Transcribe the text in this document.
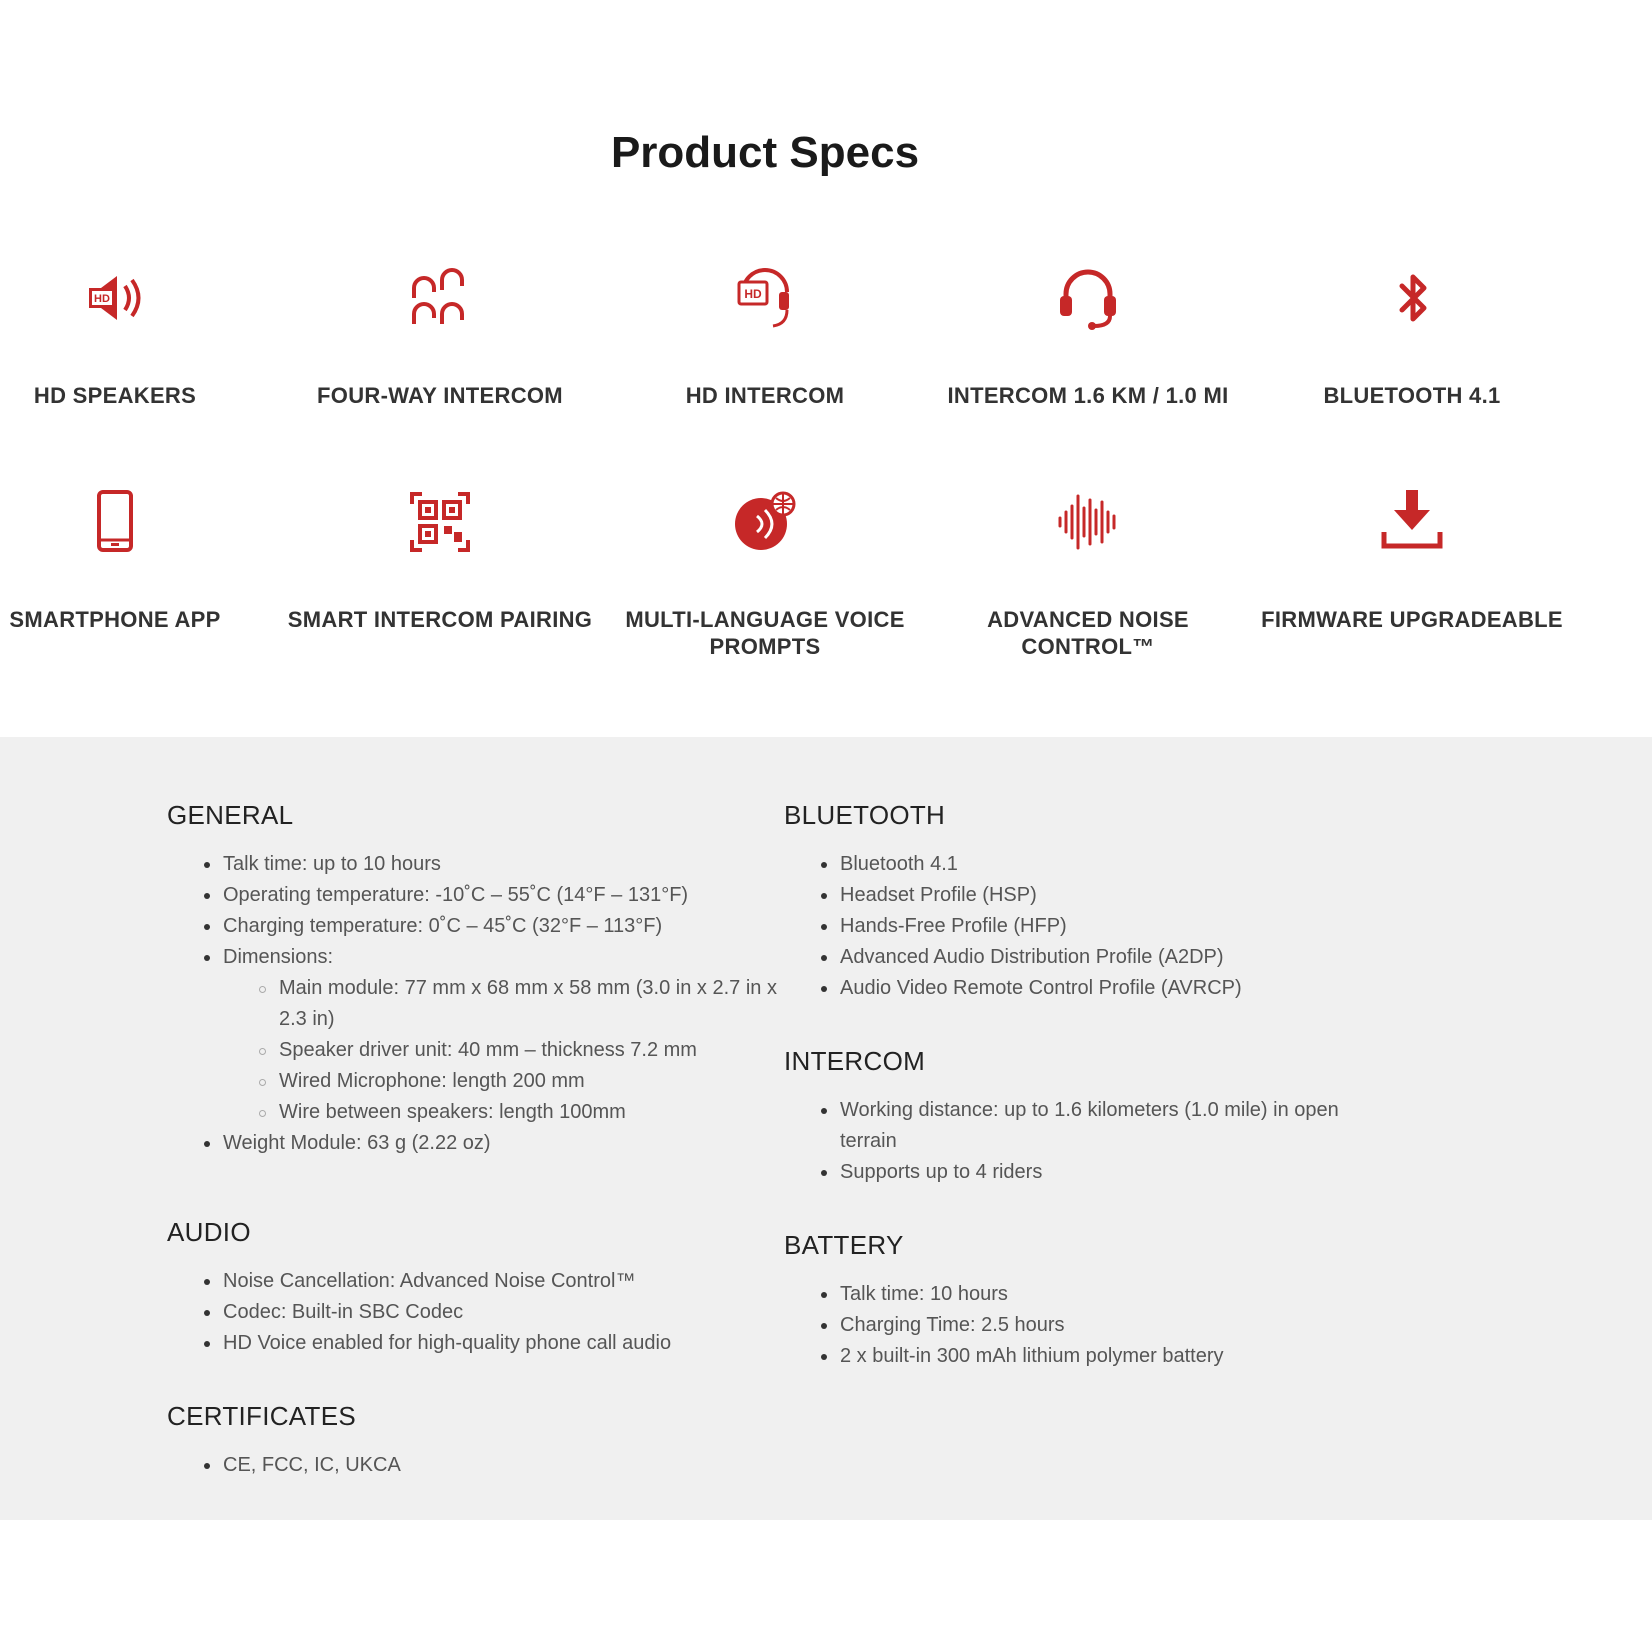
Product Specs
HD
HD SPEAKERS	FOUR-WAY INTERCOM
HD
HD INTERCOM	INTERCOM 1.6 KM / 1.0 MI	BLUETOOTH 4.1
SMARTPHONE APP	SMART INTERCOM PAIRING	MULTI-LANGUAGE VOICE PROMPTS
ADVANCED NOISE CONTROL™
FIRMWARE UPGRADEABLE
GENERAL
Talk time: up to 10 hours
Operating temperature: -10˚C – 55˚C (14°F – 131°F)
Charging temperature: 0˚C – 45˚C (32°F – 113°F)
Dimensions:
Main module: 77 mm x 68 mm x 58 mm (3.0 in x 2.7 in x 2.3 in)
Speaker driver unit: 40 mm – thickness 7.2 mm
Wired Microphone: length 200 mm
Wire between speakers: length 100mm
Weight Module: 63 g (2.22 oz)
AUDIO
Noise Cancellation: Advanced Noise Control™
Codec: Built-in SBC Codec
HD Voice enabled for high-quality phone call audio
CERTIFICATES
CE, FCC, IC, UKCA
BLUETOOTH
Bluetooth 4.1
Headset Profile (HSP)
Hands-Free Profile (HFP)
Advanced Audio Distribution Profile (A2DP)
Audio Video Remote Control Profile (AVRCP)
INTERCOM
Working distance: up to 1.6 kilometers (1.0 mile) in open terrain
Supports up to 4 riders
BATTERY
Talk time: 10 hours
Charging Time: 2.5 hours
2 x built-in 300 mAh lithium polymer battery
